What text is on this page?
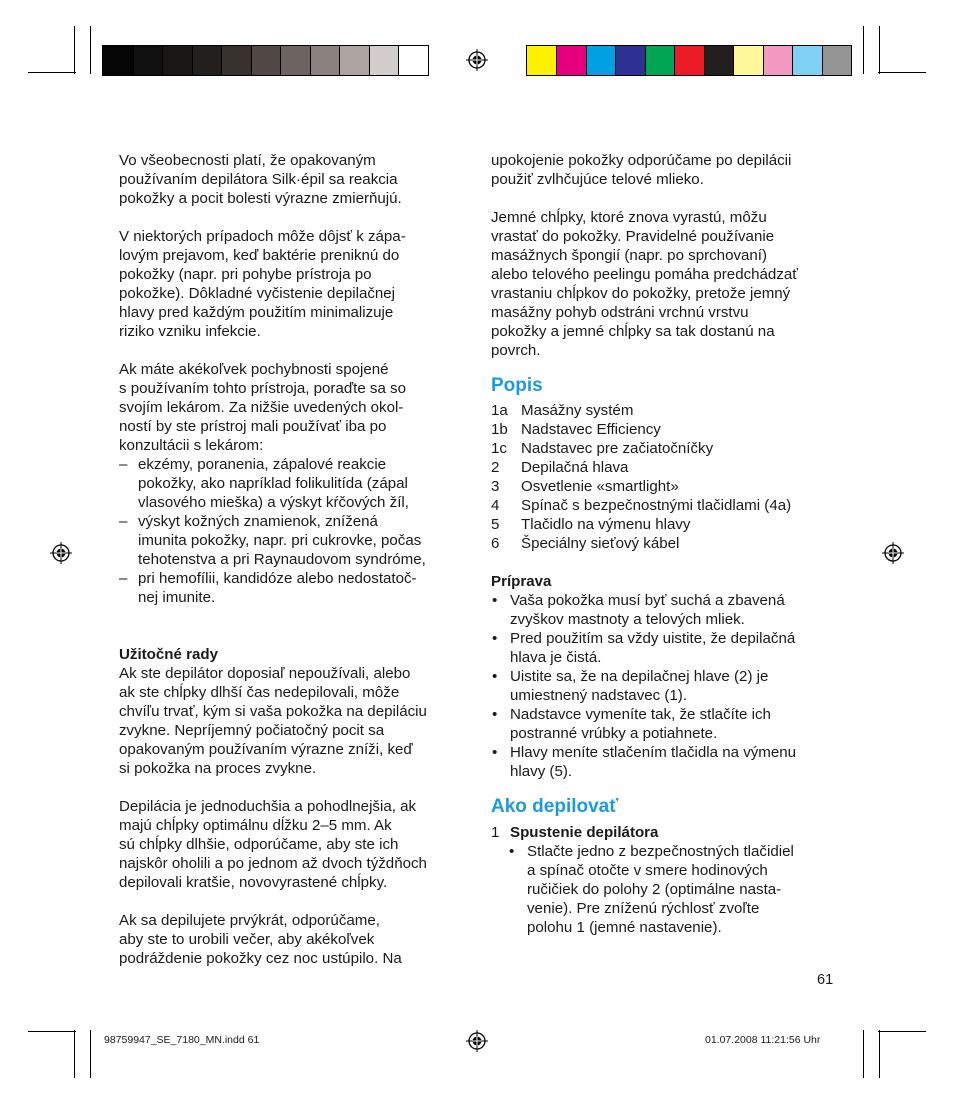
Vo všeobecnosti platí, že opakovaným
používaním depilátora Silk·épil sa reakcia
pokožky a pocit bolesti výrazne zmierňujú.

V niektorých prípadoch môže dôjsť k zápa-
lovým prejavom, keď baktérie preniknú do
pokožky (napr. pri pohybe prístroja po
pokožke). Dôkladné vyčistenie depilačnej
hlavy pred každým použitím minimalizuje
riziko vzniku infekcie.

Ak máte akékoľvek pochybnosti spojené
s používaním tohto prístroja, poraďte sa so
svojím lekárom. Za nižšie uvedených okol-
ností by ste prístroj mali používať iba po
konzultácii s lekárom:

– ekzémy, poranenia, zápalové reakcie
pokožky, ako napríklad folikulitída (zápal
vlasového mieška) a výskyt kŕčových žíl,
– výskyt kožných znamienok, znížená
imunita pokožky, napr. pri cukrovke, počas
tehotenstva a pri Raynaudovom syndróme,
– pri hemofílii, kandidóze alebo nedostatoč-
nej imunite.

Užitočné rady

Ak ste depilátor doposiaľ nepoužívali, alebo
ak ste chĺpky dlhší čas nedepilovali, môže
chvíľu trvať, kým si vaša pokožka na depiláciu
zvykne. Nepríjemný počiatočný pocit sa
opakovaným používaním výrazne zníži, keď
si pokožka na proces zvykne.

Depilácia je jednoduchšia a pohodlnejšia, ak
majú chĺpky optimálnu dĺžku 2–5 mm. Ak
sú chĺpky dlhšie, odporúčame, aby ste ich
najskôr oholili a po jednom až dvoch týždňoch
depilovali kratšie, novovyrastené chĺpky.

Ak sa depilujete prvýkrát, odporúčame,
aby ste to urobili večer, aby akékoľvek
podráždenie pokožky cez noc ustúpilo. Na

upokojenie pokožky odporúčame po depilácii
použiť zvlhčujúce telové mlieko.

Jemné chĺpky, ktoré znova vyrastú, môžu
vrastať do pokožky. Pravidelné používanie
masážnych špongií (napr. po sprchovaní)
alebo telového peelingu pomáha predchádzať
vrastaniu chĺpkov do pokožky, pretože jemný
masážny pohyb odstráni vrchnú vrstvu
pokožky a jemné chĺpky sa tak dostanú na
povrch.

Popis

1a Masážny systém
1b Nadstavec Efficiency
1c Nadstavec pre začiatočníčky
2	Depilačná hlava
3	Osvetlenie «smartlight»
4	Spínač s bezpečnostnými tlačidlami (4a)
5	Tlačidlo na výmenu hlavy
6	Špeciálny sieťový kábel

Príprava

• Vaša pokožka musí byť suchá a zbavená
zvyškov mastnoty a telových mliek.
• Pred použitím sa vždy uistite, že depilačná
hlava je čistá.
• Uistite sa, že na depilačnej hlave (2) je
umiestnený nadstavec (1).
• Nadstavce vymeníte tak, že stlačíte ich
postranné vrúbky a potiahnete.
• Hlavy meníte stlačením tlačidla na výmenu
hlavy (5).

Ako depilovať

1 Spustenie depilátora
• Stlačte jedno z bezpečnostných tlačidiel
a spínač otočte v smere hodinových
ručičiek do polohy 2 (optimálne nasta-
venie). Pre zníženú rýchlosť zvoľte
polohu 1 (jemné nastavenie).
61
98759947_SE_7180_MN.indd 61	01.07.2008 11:21:56 Uhr
